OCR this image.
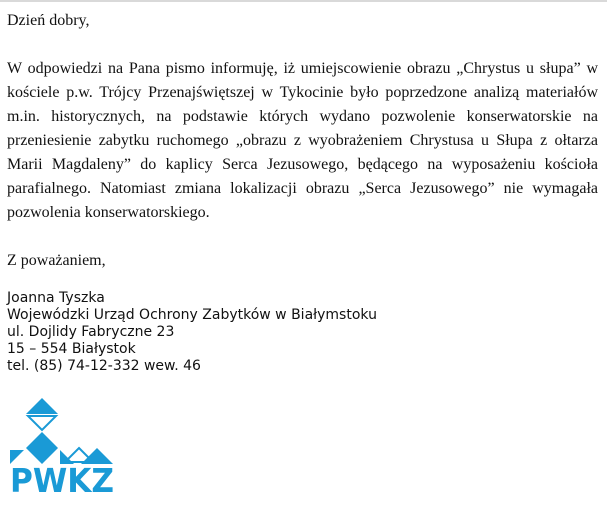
Dzień dobry,

W odpowiedzi na Pana pismo informuję, iż umiejscowienie obrazu „Chrystus u słupa” w kościele p.w. Trójcy Przenajświętszej w Tykocinie było poprzedzone analizą materiałów m.in. historycznych, na podstawie których wydano pozwolenie konserwatorskie na przeniesienie zabytku ruchomego „obrazu z wyobrażeniem Chrystusa u Słupa z ołtarza Marii Magdaleny” do kaplicy Serca Jezusowego, będącego na wyposażeniu kościoła parafialnego. Natomiast zmiana lokalizacji obrazu „Serca Jezusowego” nie wymagała pozwolenia konserwatorskiego.

Z poważaniem,

Joanna Tyszka
Wojewódzki Urząd Ochrony Zabytków w Białymstoku
ul. Dojlidy Fabryczne 23
15 – 554 Białystok
tel. (85) 74-12-332 wew. 46
PWKZ
